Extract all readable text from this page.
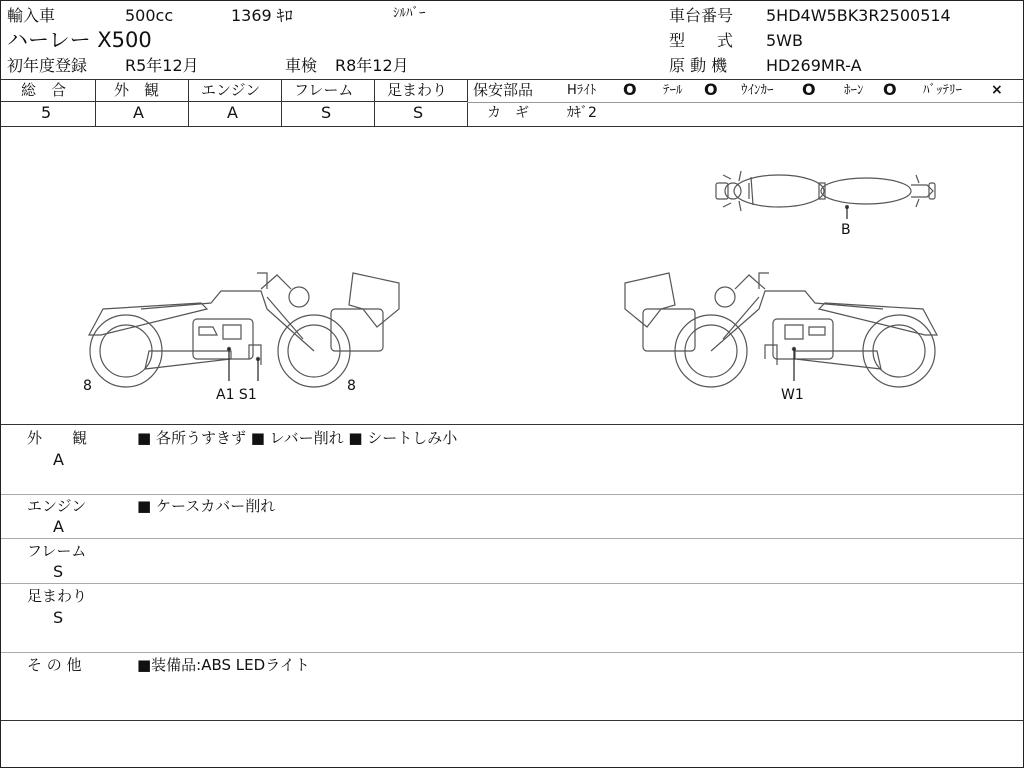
輸入車	500cc	1369 ｷﾛ	ｼﾙﾊﾞｰ
ハーレー X500
初年度登録 R5年12月	車検 R8年12月
車台番号 5HD4W5BK3R2500514
型　　式 5WB
原 動 機 HD269MR-A
総　合
5
外　観
A
エンジン
A
フレーム
S
足まわり
S
保安部品	Hﾗｲﾄ O ﾃｰﾙ O ｳｲﾝｶｰ O ﾎｰﾝ O ﾊﾞｯﾃﾘｰ ×
カ　ギ	ｶｷﾞ2
B
8	8
A1 S1	W1
外　　観
A
■ 各所うすきず ■ レバー削れ ■ シートしみ小
エンジン
A
■ ケースカバー削れ
フレーム
S
足まわり
S
そ の 他	■装備品:ABS LEDライト
